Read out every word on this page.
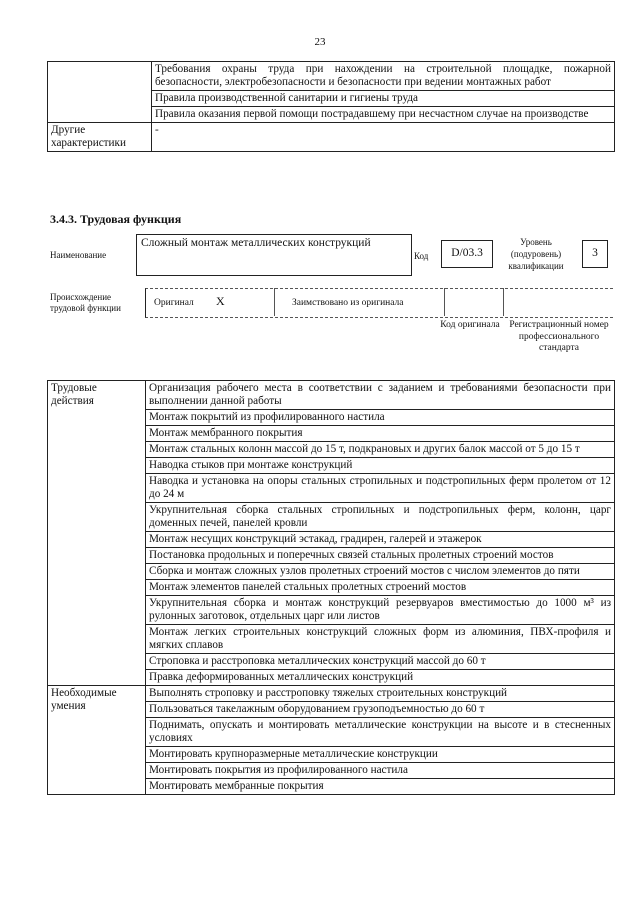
23
	Требования охраны труда при нахождении на строительной площадке, пожарной безопасности, электробезопасности и безопасности при ведении монтажных работ
	Правила производственной санитарии и гигиены труда
	Правила оказания первой помощи пострадавшему при несчастном случае на производстве
Другие характеристики	-
3.4.3. Трудовая функция
Наименование
Сложный монтаж металлических конструкций
Код	D/03.3
Уровень (подуровень) квалификации
3
Происхождение трудовой функции	Оригинал X	Заимствовано из оригинала
Код оригинала Регистрационный номер профессионального стандарта
Трудовые действия	Организация рабочего места в соответствии с заданием и требованиями безопасности при выполнении данной работы
	Монтаж покрытий из профилированного настила
	Монтаж мембранного покрытия
	Монтаж стальных колонн массой до 15 т, подкрановых и других балок массой от 5 до 15 т
	Наводка стыков при монтаже конструкций
	Наводка и установка на опоры стальных стропильных и подстропильных ферм пролетом от 12 до 24 м
	Укрупнительная сборка стальных стропильных и подстропильных ферм, колонн, царг доменных печей, панелей кровли
	Монтаж несущих конструкций эстакад, градирен, галерей и этажерок
	Постановка продольных и поперечных связей стальных пролетных строений мостов
	Сборка и монтаж сложных узлов пролетных строений мостов с числом элементов до пяти
	Монтаж элементов панелей стальных пролетных строений мостов
	Укрупнительная сборка и монтаж конструкций резервуаров вместимостью до 1000 м³ из рулонных заготовок, отдельных царг или листов
	Монтаж легких строительных конструкций сложных форм из алюминия, ПВХ-профиля и мягких сплавов
	Строповка и расстроповка металлических конструкций массой до 60 т
	Правка деформированных металлических конструкций
Необходимые умения	Выполнять строповку и расстроповку тяжелых строительных конструкций
	Пользоваться такелажным оборудованием грузоподъемностью до 60 т
	Поднимать, опускать и монтировать металлические конструкции на высоте и в стесненных условиях
	Монтировать крупноразмерные металлические конструкции
	Монтировать покрытия из профилированного настила
	Монтировать мембранные покрытия
